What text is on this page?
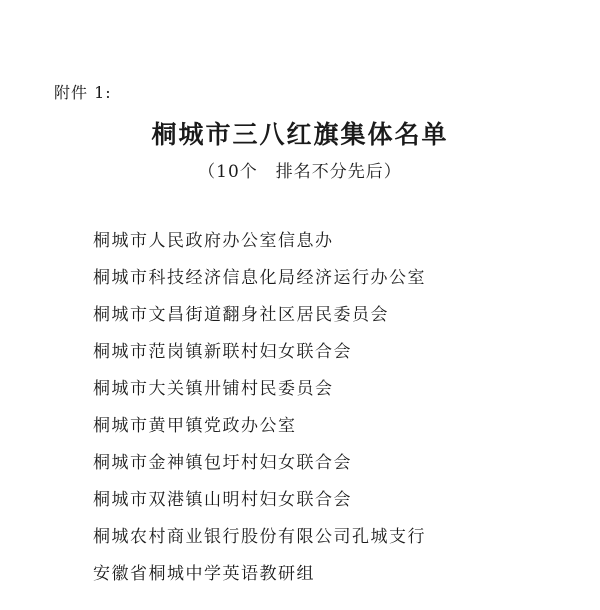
附件 1:
桐城市三八红旗集体名单
（10个　排名不分先后）
桐城市人民政府办公室信息办
桐城市科技经济信息化局经济运行办公室
桐城市文昌街道翻身社区居民委员会
桐城市范岗镇新联村妇女联合会
桐城市大关镇卅铺村民委员会
桐城市黄甲镇党政办公室
桐城市金神镇包圩村妇女联合会
桐城市双港镇山明村妇女联合会
桐城农村商业银行股份有限公司孔城支行
安徽省桐城中学英语教研组
